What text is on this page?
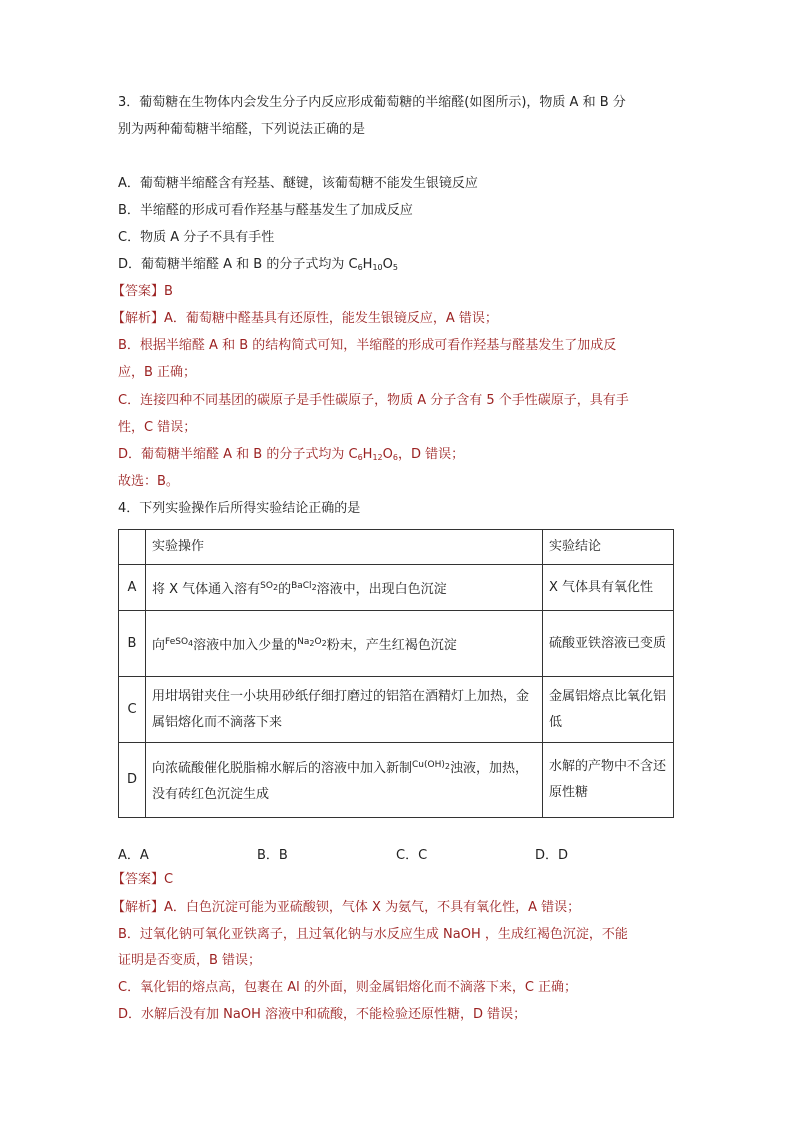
3．葡萄糖在生物体内会发生分子内反应形成葡萄糖的半缩醛(如图所示)，物质 A 和 B 分
别为两种葡萄糖半缩醛，下列说法正确的是
A．葡萄糖半缩醛含有羟基、醚键，该葡萄糖不能发生银镜反应
B．半缩醛的形成可看作羟基与醛基发生了加成反应
C．物质 A 分子不具有手性
D．葡萄糖半缩醛 A 和 B 的分子式均为 $C_6H_{10}O_5$
【答案】B
【解析】A．葡萄糖中醛基具有还原性，能发生银镜反应，A 错误；
B．根据半缩醛 A 和 B 的结构简式可知，半缩醛的形成可看作羟基与醛基发生了加成反
应，B 正确；
C．连接四种不同基团的碳原子是手性碳原子，物质 A 分子含有 5 个手性碳原子，具有手
性，C 错误；
D．葡萄糖半缩醛 A 和 B 的分子式均为 $C_6H_{12}O_6$，D 错误；
故选：B。
4．下列实验操作后所得实验结论正确的是
	实验操作	实验结论
A	将 X 气体通入溶有$^{SO_2}$的$^{BaCl_2}$溶液中，出现白色沉淀	X 气体具有氧化性
B	向$^{FeSO_4}$溶液中加入少量的$^{Na_2O_2}$粉末，产生红褐色沉淀	硫酸亚铁溶液已变质
C	用坩埚钳夹住一小块用砂纸仔细打磨过的铝箔在酒精灯上加热，金属铝熔化而不滴落下来	金属铝熔点比氧化铝低
D	向浓硫酸催化脱脂棉水解后的溶液中加入新制$^{Cu(OH)_2}$浊液，加热，没有砖红色沉淀生成	水解的产物中不含还原性糖
A．A	B．B	C．C	D．D
【答案】C
【解析】A．白色沉淀可能为亚硫酸钡，气体 X 为氨气，不具有氧化性，A 错误；
B．过氧化钠可氧化亚铁离子，且过氧化钠与水反应生成 NaOH ，生成红褐色沉淀，不能
证明是否变质，B 错误；
C．氧化铝的熔点高，包裹在 Al 的外面，则金属铝熔化而不滴落下来，C 正确；
D．水解后没有加 NaOH 溶液中和硫酸，不能检验还原性糖，D 错误；
